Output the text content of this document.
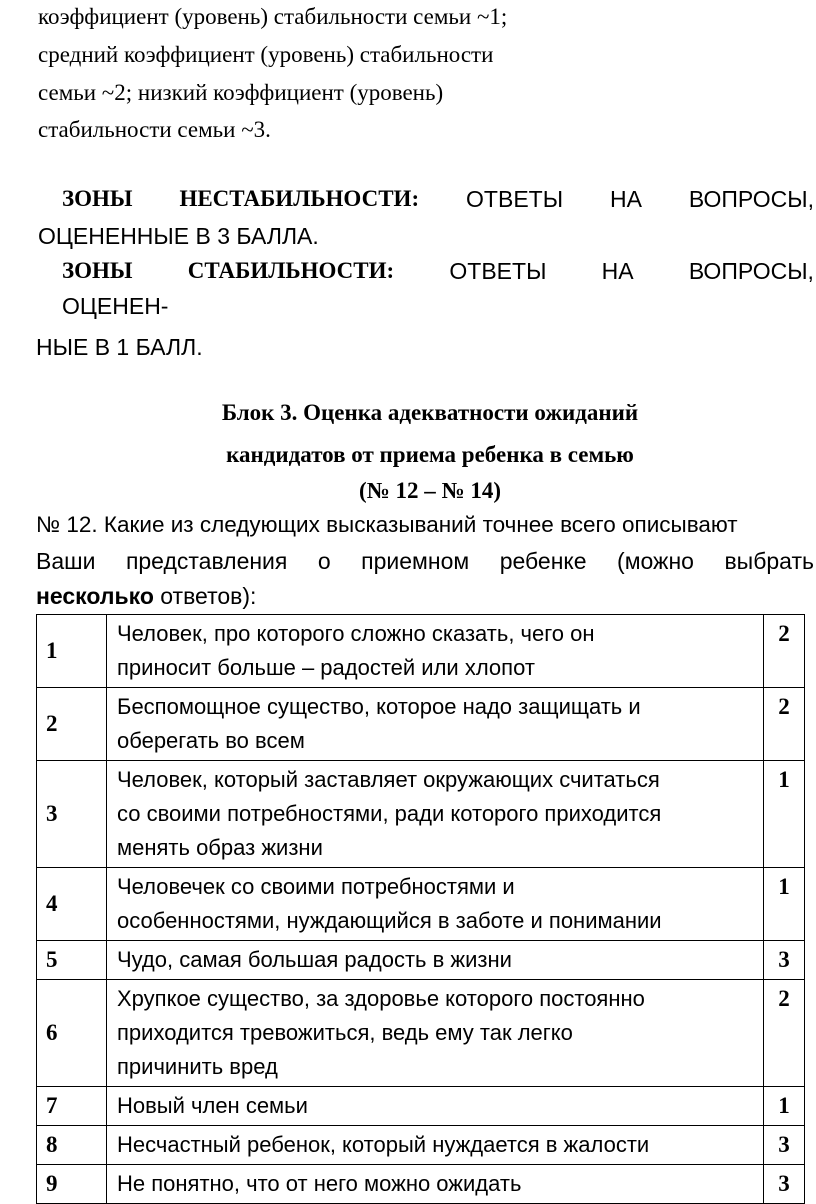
коэффициент (уровень) стабильности семьи ~1;
средний коэффициент (уровень) стабильности
семьи ~2; низкий коэффициент (уровень)
стабильности семьи ~3.
ЗОНЫ НЕСТАБИЛЬНОСТИ: ОТВЕТЫ НА ВОПРОСЫ,
ОЦЕНЕННЫЕ В 3 БАЛЛА.
ЗОНЫ СТАБИЛЬНОСТИ: ОТВЕТЫ НА ВОПРОСЫ,
ОЦЕНЕН-
НЫЕ В 1 БАЛЛ.
Блок 3. Оценка адекватности ожиданий
кандидатов от приема ребенка в семью
(№ 12 – № 14)
№ 12. Какие из следующих высказываний точнее всего описывают
Ваши представления о приемном ребенке (можно выбрать
несколько ответов):
1	Человек, про которого сложно сказать, чего он
приносит больше – радостей или хлопот	2
2	Беспомощное существо, которое надо защищать и
оберегать во всем	2
3	Человек, который заставляет окружающих считаться
со своими потребностями, ради которого приходится
менять образ жизни	1
4	Человечек со своими потребностями и
особенностями, нуждающийся в заботе и понимании	1
5	Чудо, самая большая радость в жизни	3
6	Хрупкое существо, за здоровье которого постоянно
приходится тревожиться, ведь ему так легко
причинить вред	2
7	Новый член семьи	1
8	Несчастный ребенок, который нуждается в жалости	3
9	Не понятно, что от него можно ожидать	3
